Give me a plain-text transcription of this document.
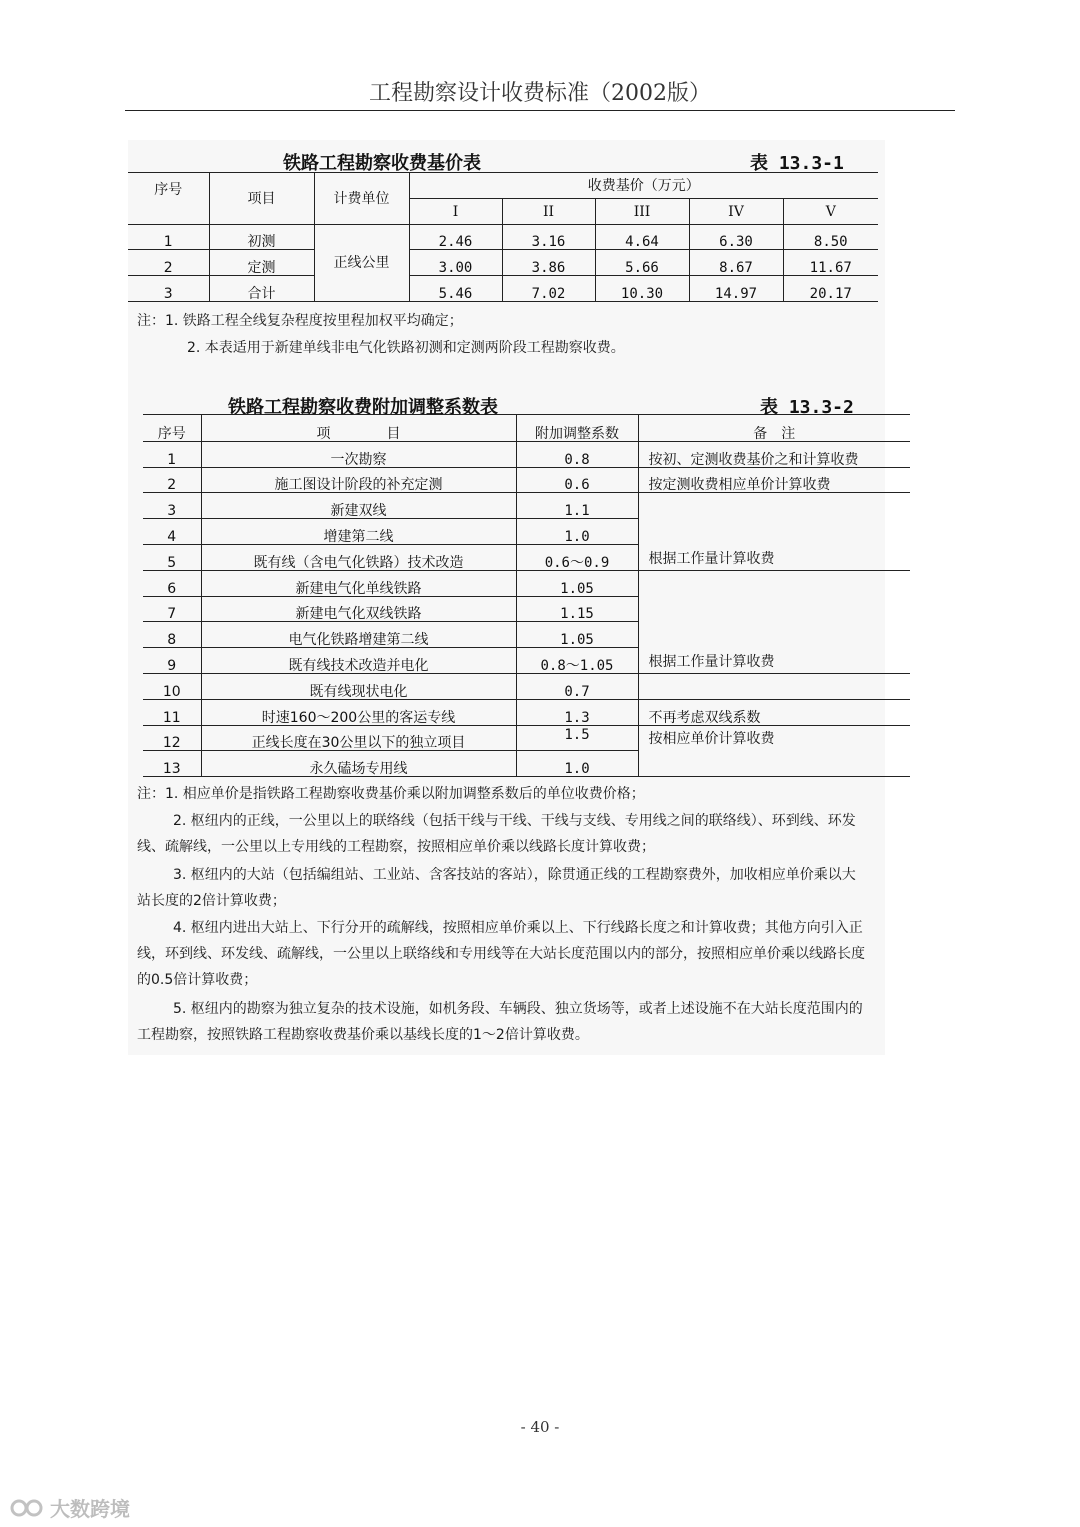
工程勘察设计收费标准（2002版）
铁路工程勘察收费基价表	表 13.3-1
序号	项目	计费单位	收费基价（万元）				
			I	II	III	IV	V
1	初测	正线公里	2.46	3.16	4.64	6.30	8.50
2	定测		3.00	3.86	5.66	8.67	11.67
3	合计		5.46	7.02	10.30	14.97	20.17
注：1. 铁路工程全线复杂程度按里程加权平均确定；
2. 本表适用于新建单线非电气化铁路初测和定测两阶段工程勘察收费。
铁路工程勘察收费附加调整系数表	表 13.3-2
序号	项　　　　目	附加调整系数	备　注
1	一次勘察	0.8	按初、定测收费基价之和计算收费
2	施工图设计阶段的补充定测	0.6	按定测收费相应单价计算收费
3	新建双线	1.1	根据工作量计算收费
4	增建第二线	1.0	
5	既有线（含电气化铁路）技术改造	0.6～0.9	
6	新建电气化单线铁路	1.05	根据工作量计算收费
7	新建电气化双线铁路	1.15	
8	电气化铁路增建第二线	1.05	
9	既有线技术改造并电化	0.8～1.05	
10	既有线现状电化	0.7	
11	时速160～200公里的客运专线	1.3	不再考虑双线系数
12	正线长度在30公里以下的独立项目	1.5	按相应单价计算收费
13	永久磕场专用线	1.0	
注：1. 相应单价是指铁路工程勘察收费基价乘以附加调整系数后的单位收费价格；
2. 枢纽内的正线，一公里以上的联络线（包括干线与干线、干线与支线、专用线之间的联络线）、环到线、环发线、疏解线，一公里以上专用线的工程勘察，按照相应单价乘以线路长度计算收费；
3. 枢纽内的大站（包括编组站、工业站、含客技站的客站），除贯通正线的工程勘察费外，加收相应单价乘以大站长度的2倍计算收费；
4. 枢纽内进出大站上、下行分开的疏解线，按照相应单价乘以上、下行线路长度之和计算收费；其他方向引入正线，环到线、环发线、疏解线，一公里以上联络线和专用线等在大站长度范围以内的部分，按照相应单价乘以线路长度的0.5倍计算收费；
5. 枢纽内的勘察为独立复杂的技术设施，如机务段、车辆段、独立货场等，或者上述设施不在大站长度范围内的工程勘察，按照铁路工程勘察收费基价乘以基线长度的1～2倍计算收费。
- 40 -
大数跨境
